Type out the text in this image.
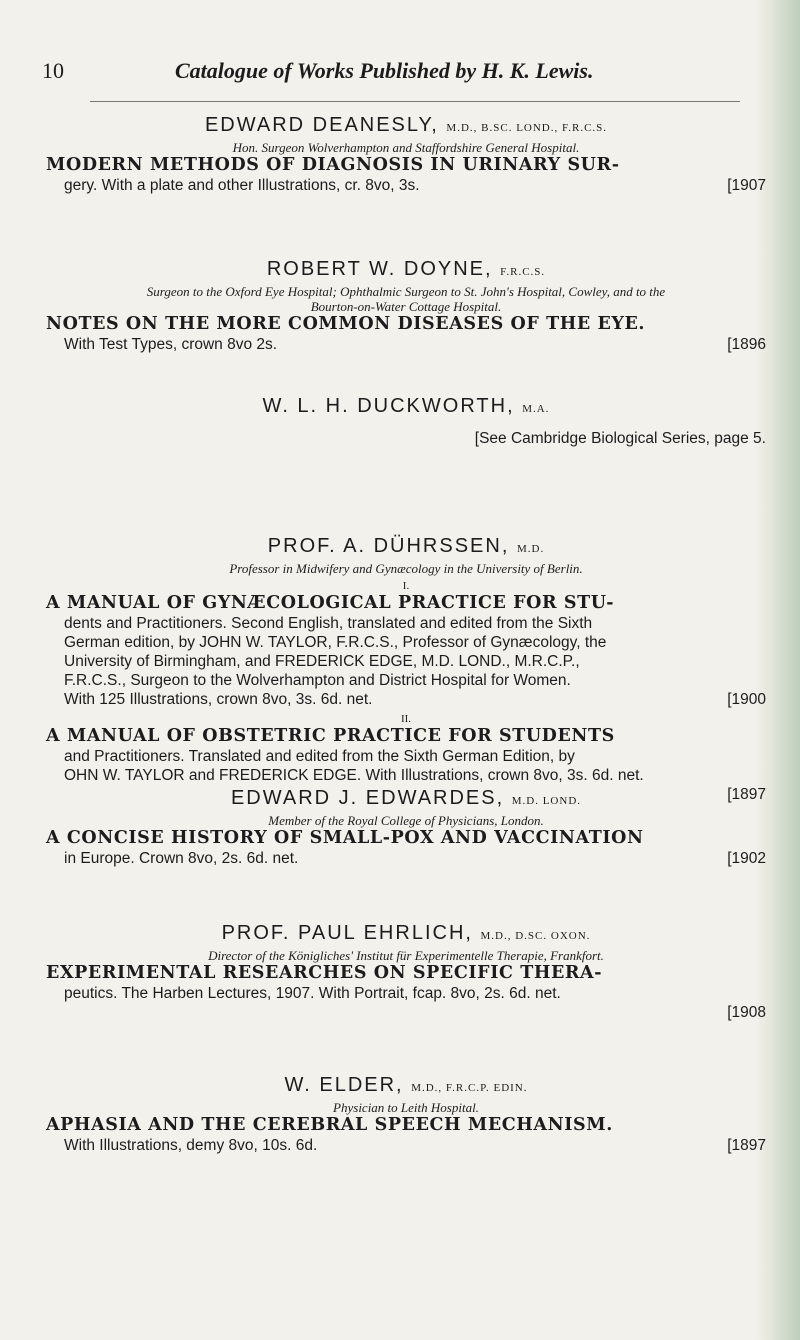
10	Catalogue of Works Published by H. K. Lewis.
EDWARD DEANESLY, M.D., B.SC. LOND., F.R.C.S.
Hon. Surgeon Wolverhampton and Staffordshire General Hospital.
MODERN METHODS OF DIAGNOSIS IN URINARY SUR-
gery. With a plate and other Illustrations, cr. 8vo, 3s.	[1907
ROBERT W. DOYNE, F.R.C.S.
Surgeon to the Oxford Eye Hospital; Ophthalmic Surgeon to St. John's Hospital, Cowley, and to the
Bourton-on-Water Cottage Hospital.
NOTES ON THE MORE COMMON DISEASES OF THE EYE.
With Test Types, crown 8vo 2s.	[1896
W. L. H. DUCKWORTH, M.A.
[See Cambridge Biological Series, page 5.
PROF. A. DÜHRSSEN, M.D.
Professor in Midwifery and Gynæcology in the University of Berlin.
I.
A MANUAL OF GYNÆCOLOGICAL PRACTICE FOR STU-
dents and Practitioners. Second English, translated and edited from the Sixth
German edition, by JOHN W. TAYLOR, F.R.C.S., Professor of Gynæcology, the
University of Birmingham, and FREDERICK EDGE, M.D. LOND., M.R.C.P.,
F.R.C.S., Surgeon to the Wolverhampton and District Hospital for Women.
With 125 Illustrations, crown 8vo, 3s. 6d. net.	[1900
II.
A MANUAL OF OBSTETRIC PRACTICE FOR STUDENTS
and Practitioners. Translated and edited from the Sixth German Edition, by
OHN W. TAYLOR and FREDERICK EDGE. With Illustrations, crown 8vo, 3s. 6d. net.
[1897
EDWARD J. EDWARDES, M.D. LOND.
Member of the Royal College of Physicians, London.
A CONCISE HISTORY OF SMALL-POX AND VACCINATION
in Europe. Crown 8vo, 2s. 6d. net.	[1902
PROF. PAUL EHRLICH, M.D., D.SC. OXON.
Director of the Königliches' Institut für Experimentelle Therapie, Frankfort.
EXPERIMENTAL RESEARCHES ON SPECIFIC THERA-
peutics. The Harben Lectures, 1907. With Portrait, fcap. 8vo, 2s. 6d. net.
[1908
W. ELDER, M.D., F.R.C.P. EDIN.
Physician to Leith Hospital.
APHASIA AND THE CEREBRAL SPEECH MECHANISM.
With Illustrations, demy 8vo, 10s. 6d.	[1897
